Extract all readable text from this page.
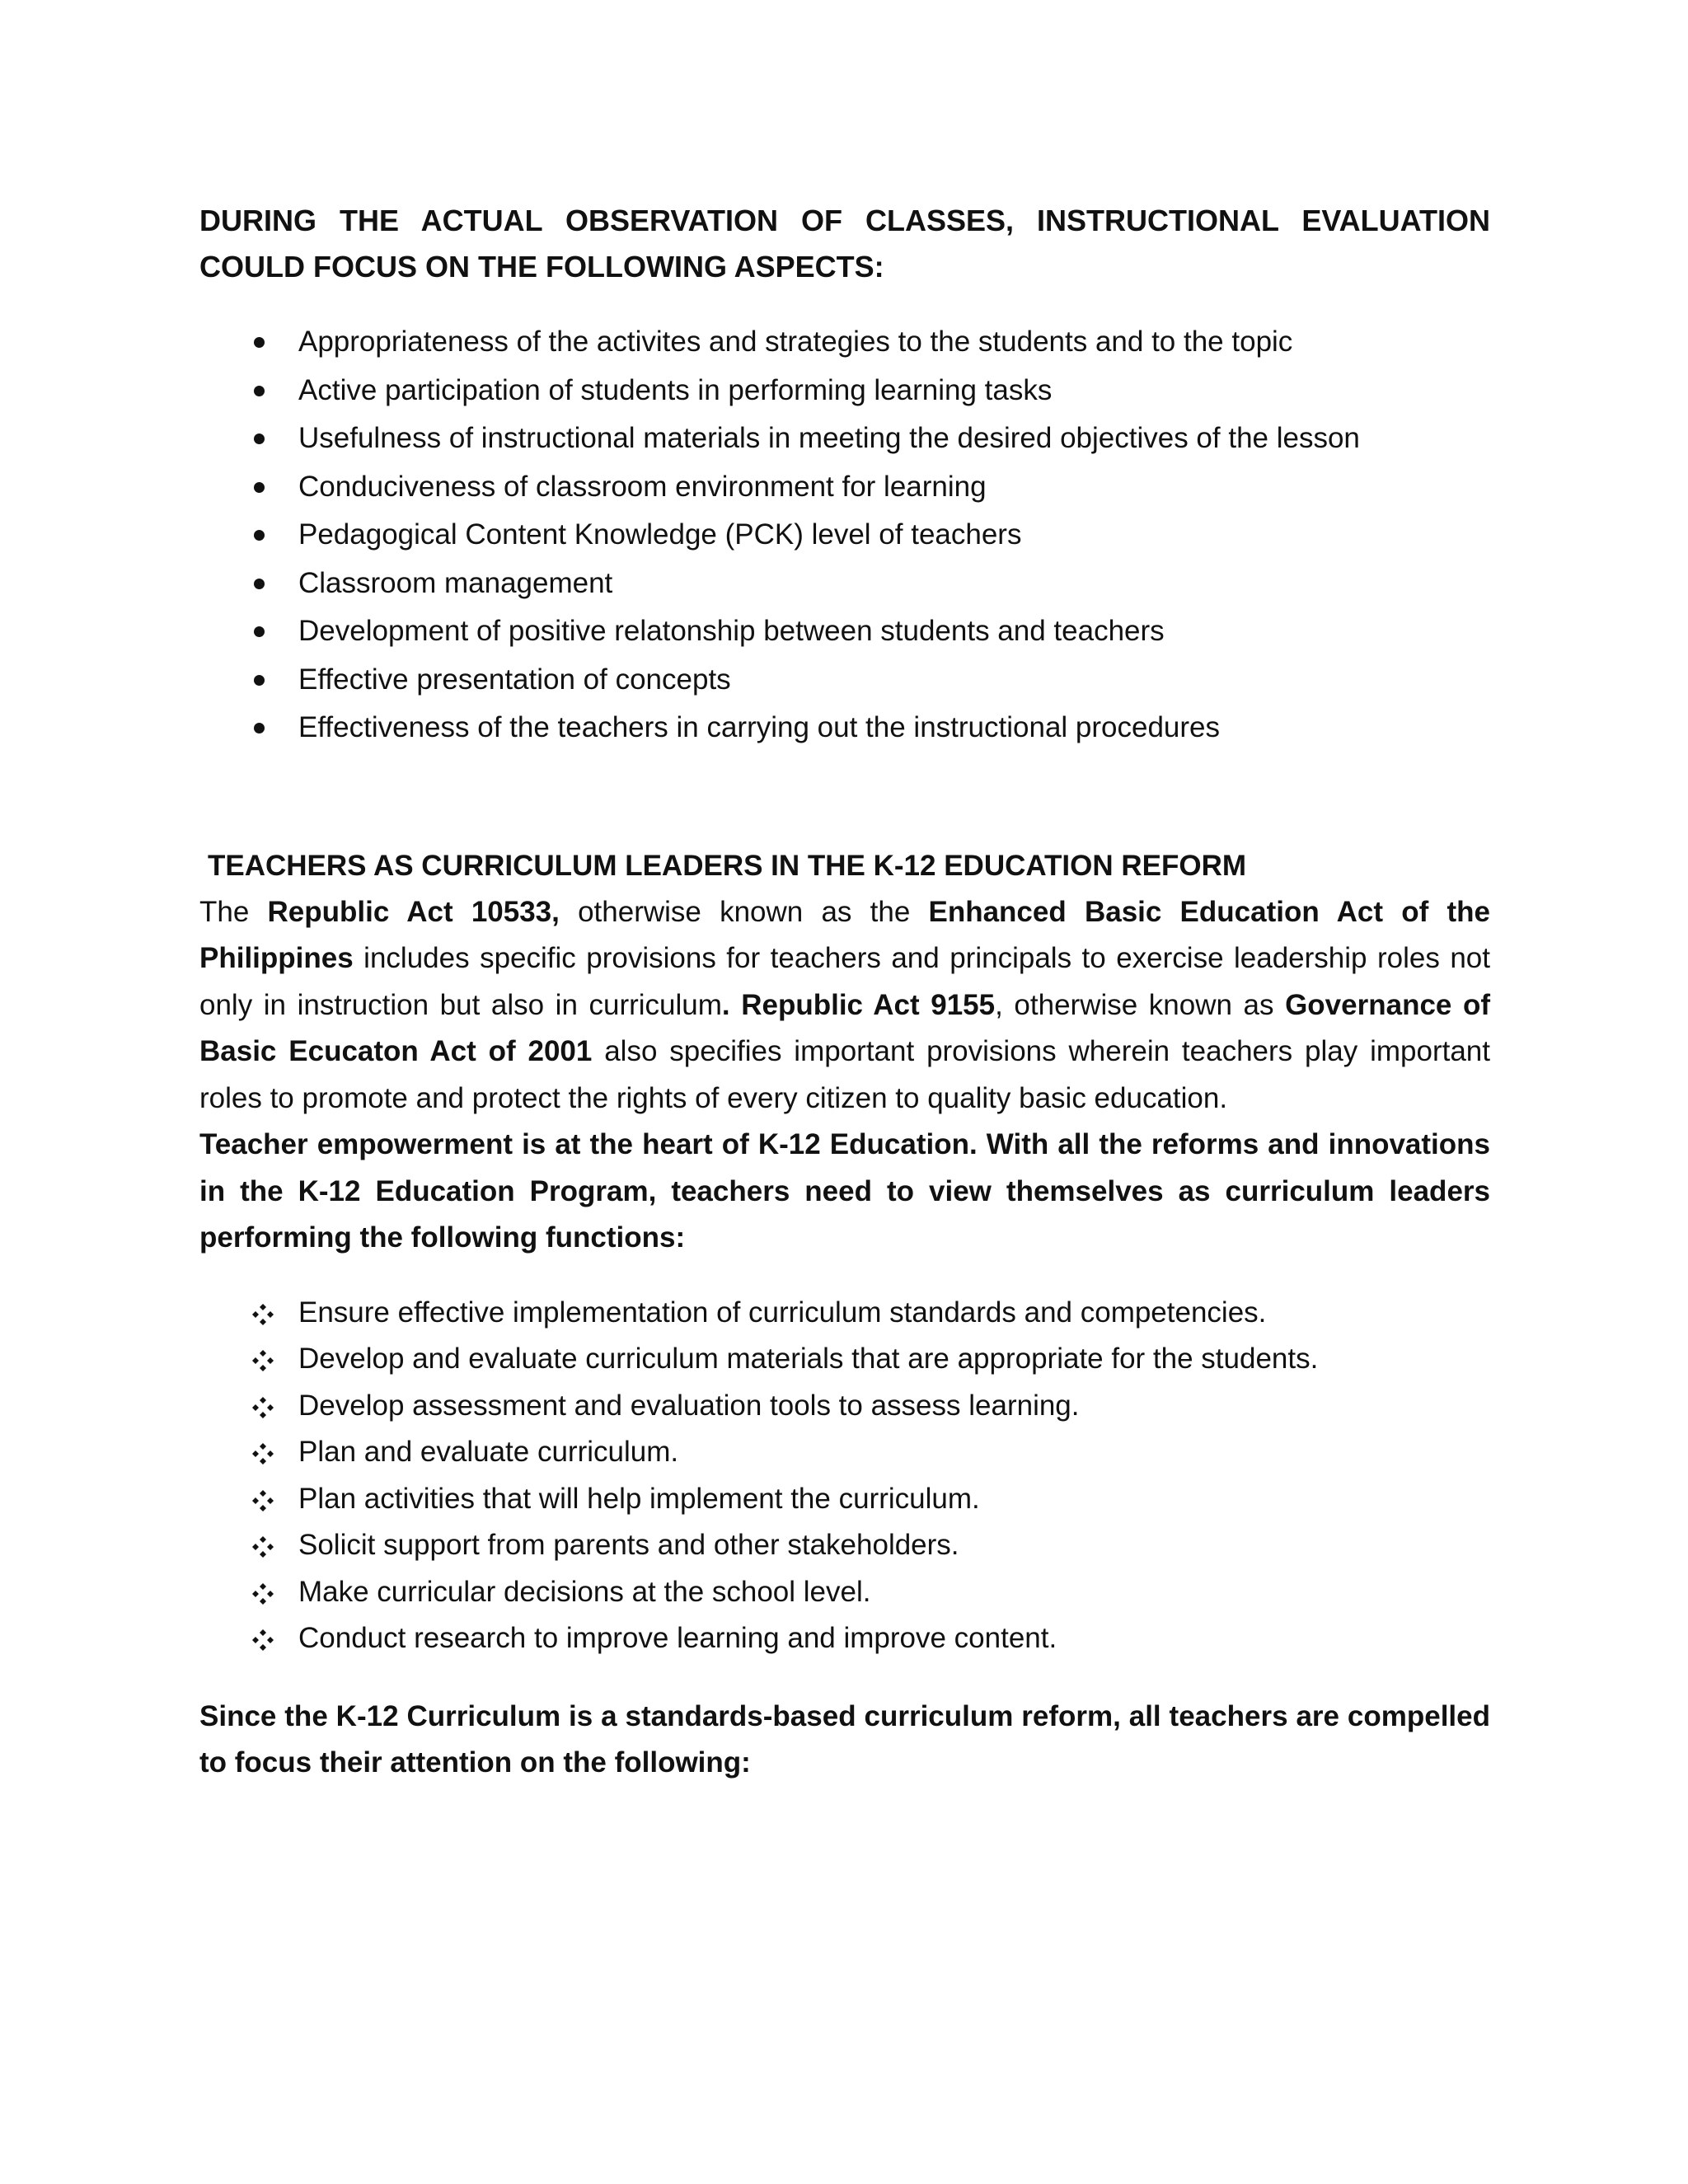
DURING THE ACTUAL OBSERVATION OF CLASSES, INSTRUCTIONAL EVALUATION COULD FOCUS ON THE FOLLOWING ASPECTS:

Appropriateness of the activites and strategies to the students and to the topic
Active participation of students in performing learning tasks
Usefulness of instructional materials in meeting the desired objectives of the lesson
Conduciveness of classroom environment for learning
Pedagogical Content Knowledge (PCK) level of teachers
Classroom management
Development of positive relatonship between students and teachers
Effective presentation of concepts
Effectiveness of the teachers in carrying out the instructional procedures

TEACHERS AS CURRICULUM LEADERS IN THE K-12 EDUCATION REFORM

The Republic Act 10533, otherwise known as the Enhanced Basic Education Act of the Philippines includes specific provisions for teachers and principals to exercise leadership roles not only in instruction but also in curriculum. Republic Act 9155, otherwise known as Governance of Basic Ecucaton Act of 2001 also specifies important provisions wherein teachers play important roles to promote and protect the rights of every citizen to quality basic education.

Teacher empowerment is at the heart of K-12 Education. With all the reforms and innovations in the K-12 Education Program, teachers need to view themselves as curriculum leaders performing the following functions:

Ensure effective implementation of curriculum standards and competencies.
Develop and evaluate curriculum materials that are appropriate for the students.
Develop assessment and evaluation tools to assess learning.
Plan and evaluate curriculum.
Plan activities that will help implement the curriculum.
Solicit support from parents and other stakeholders.
Make curricular decisions at the school level.
Conduct research to improve learning and improve content.

Since the K-12 Curriculum is a standards-based curriculum reform, all teachers are compelled to focus their attention on the following:
